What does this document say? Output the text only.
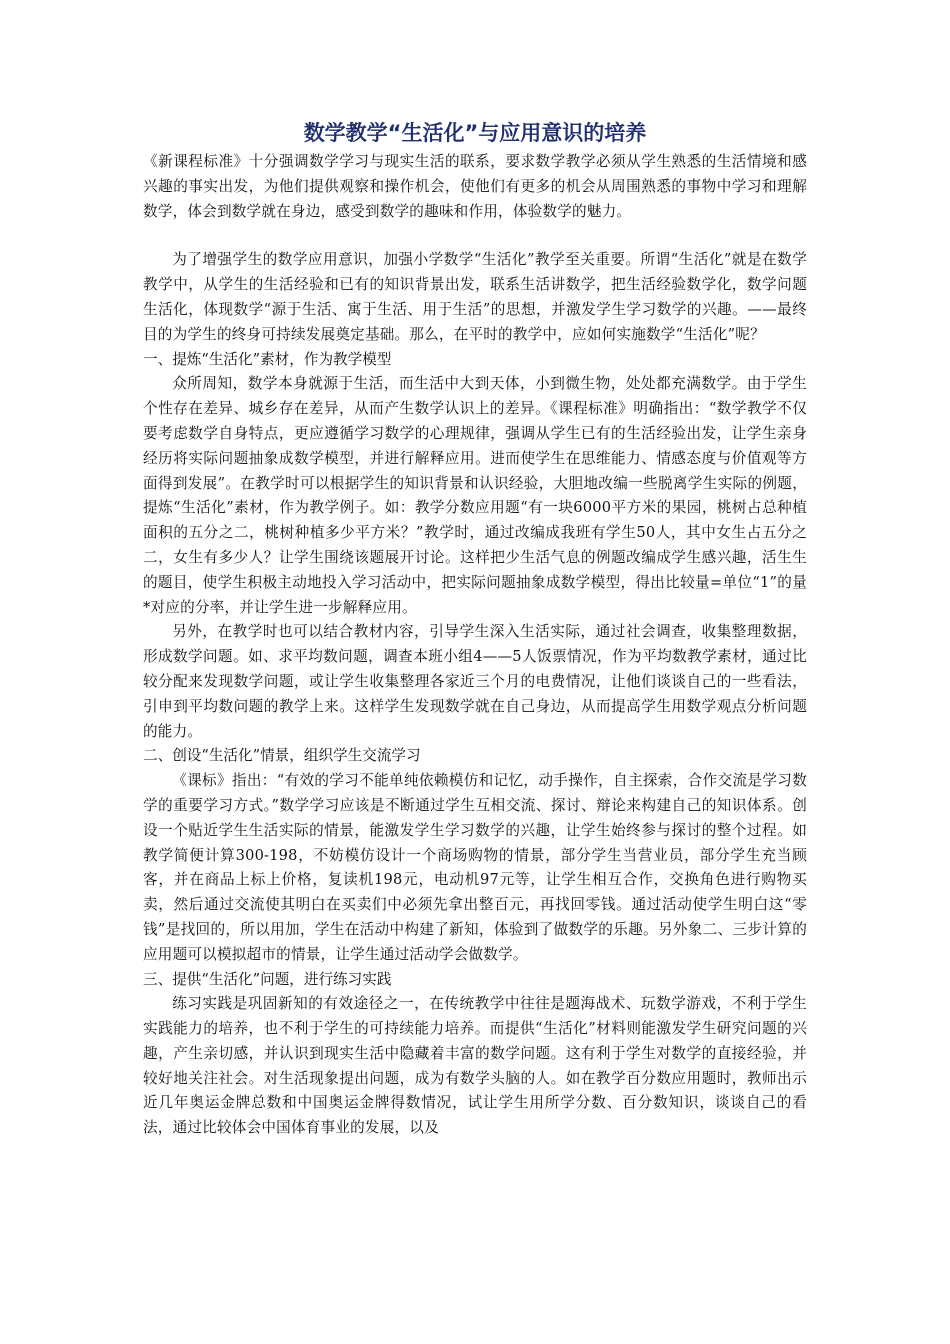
数学教学“生活化”与应用意识的培养

《新课程标准》十分强调数学学习与现实生活的联系，要求数学教学必须从学生熟悉的生活情境和感兴趣的事实出发，为他们提供观察和操作机会，使他们有更多的机会从周围熟悉的事物中学习和理解数学，体会到数学就在身边，感受到数学的趣味和作用，体验数学的魅力。

为了增强学生的数学应用意识，加强小学数学“生活化”教学至关重要。所谓“生活化”就是在数学教学中，从学生的生活经验和已有的知识背景出发，联系生活讲数学，把生活经验数学化，数学问题生活化，体现数学“源于生活、寓于生活、用于生活”的思想，并激发学生学习数学的兴趣。——最终目的为学生的终身可持续发展奠定基础。那么，在平时的教学中，应如何实施数学“生活化”呢？

一、提炼“生活化”素材，作为教学模型

众所周知，数学本身就源于生活，而生活中大到天体，小到微生物，处处都充满数学。由于学生个性存在差异、城乡存在差异，从而产生数学认识上的差异。《课程标准》明确指出：“数学教学不仅要考虑数学自身特点，更应遵循学习数学的心理规律，强调从学生已有的生活经验出发，让学生亲身经历将实际问题抽象成数学模型，并进行解释应用。进而使学生在思维能力、情感态度与价值观等方面得到发展”。在教学时可以根据学生的知识背景和认识经验，大胆地改编一些脱离学生实际的例题，提炼“生活化”素材，作为教学例子。如：教学分数应用题“有一块6000平方米的果园，桃树占总种植面积的五分之二，桃树种植多少平方米？”教学时，通过改编成我班有学生50人，其中女生占五分之二，女生有多少人？让学生围绕该题展开讨论。这样把少生活气息的例题改编成学生感兴趣，活生生的题目，使学生积极主动地投入学习活动中，把实际问题抽象成数学模型，得出比较量=单位“1”的量*对应的分率，并让学生进一步解释应用。

另外，在教学时也可以结合教材内容，引导学生深入生活实际，通过社会调查，收集整理数据，形成数学问题。如、求平均数问题，调查本班小组4——5人饭票情况，作为平均数教学素材，通过比较分配来发现数学问题，或让学生收集整理各家近三个月的电费情况，让他们谈谈自己的一些看法，引申到平均数问题的教学上来。这样学生发现数学就在自己身边，从而提高学生用数学观点分析问题的能力。

二、创设“生活化”情景，组织学生交流学习

《课标》指出：“有效的学习不能单纯依赖模仿和记忆，动手操作，自主探索，合作交流是学习数学的重要学习方式。”数学学习应该是不断通过学生互相交流、探讨、辩论来构建自己的知识体系。创设一个贴近学生生活实际的情景，能激发学生学习数学的兴趣，让学生始终参与探讨的整个过程。如教学简便计算300-198，不妨模仿设计一个商场购物的情景，部分学生当营业员，部分学生充当顾客，并在商品上标上价格，复读机198元，电动机97元等，让学生相互合作，交换角色进行购物买卖，然后通过交流使其明白在买卖们中必须先拿出整百元，再找回零钱。通过活动使学生明白这“零钱”是找回的，所以用加，学生在活动中构建了新知，体验到了做数学的乐趣。另外象二、三步计算的应用题可以模拟超市的情景，让学生通过活动学会做数学。

三、提供“生活化”问题，进行练习实践

练习实践是巩固新知的有效途径之一，在传统教学中往往是题海战术、玩数学游戏，不利于学生实践能力的培养，也不利于学生的可持续能力培养。而提供“生活化”材料则能激发学生研究问题的兴趣，产生亲切感，并认识到现实生活中隐藏着丰富的数学问题。这有利于学生对数学的直接经验，并较好地关注社会。对生活现象提出问题，成为有数学头脑的人。如在教学百分数应用题时，教师出示近几年奥运金牌总数和中国奥运金牌得数情况，试让学生用所学分数、百分数知识，谈谈自己的看法，通过比较体会中国体育事业的发展，以及
